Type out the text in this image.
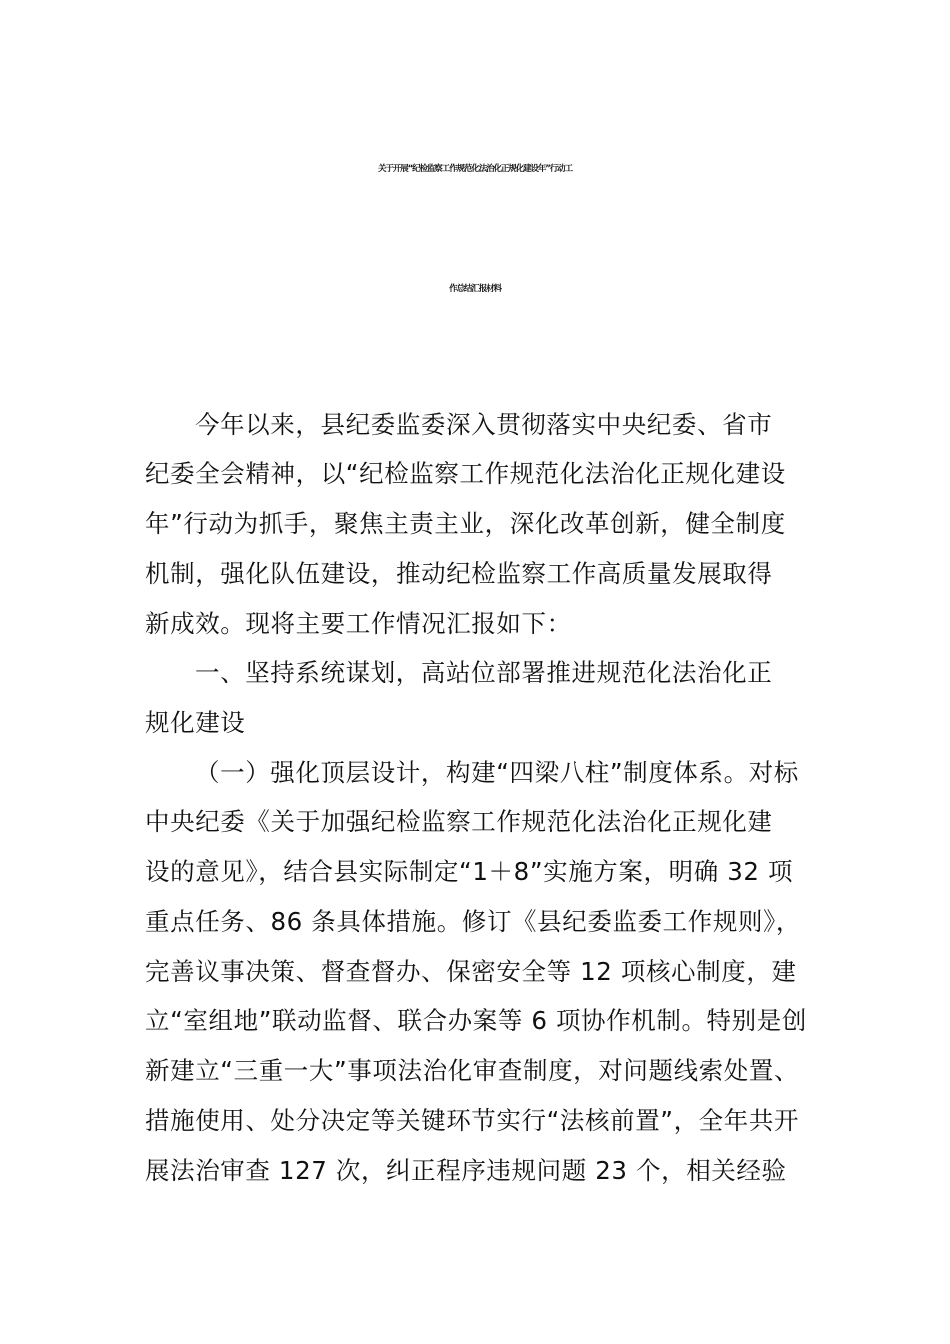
关于开展“纪检监察工作规范化法治化正规化建设年”行动工
作总结汇报材料
今年以来，县纪委监委深入贯彻落实中央纪委、省市
纪委全会精神，以“纪检监察工作规范化法治化正规化建设
年”行动为抓手，聚焦主责主业，深化改革创新，健全制度
机制，强化队伍建设，推动纪检监察工作高质量发展取得
新成效。现将主要工作情况汇报如下：
一、坚持系统谋划，高站位部署推进规范化法治化正
规化建设
（一）强化顶层设计，构建“四梁八柱”制度体系。对标
中央纪委《关于加强纪检监察工作规范化法治化正规化建
设的意见》，结合县实际制定“1＋8”实施方案，明确 32 项
重点任务、86 条具体措施。修订《县纪委监委工作规则》，
完善议事决策、督查督办、保密安全等 12 项核心制度，建
立“室组地”联动监督、联合办案等 6 项协作机制。特别是创
新建立“三重一大”事项法治化审查制度，对问题线索处置、
措施使用、处分决定等关键环节实行“法核前置”，全年共开
展法治审查 127 次，纠正程序违规问题 23 个，相关经验
